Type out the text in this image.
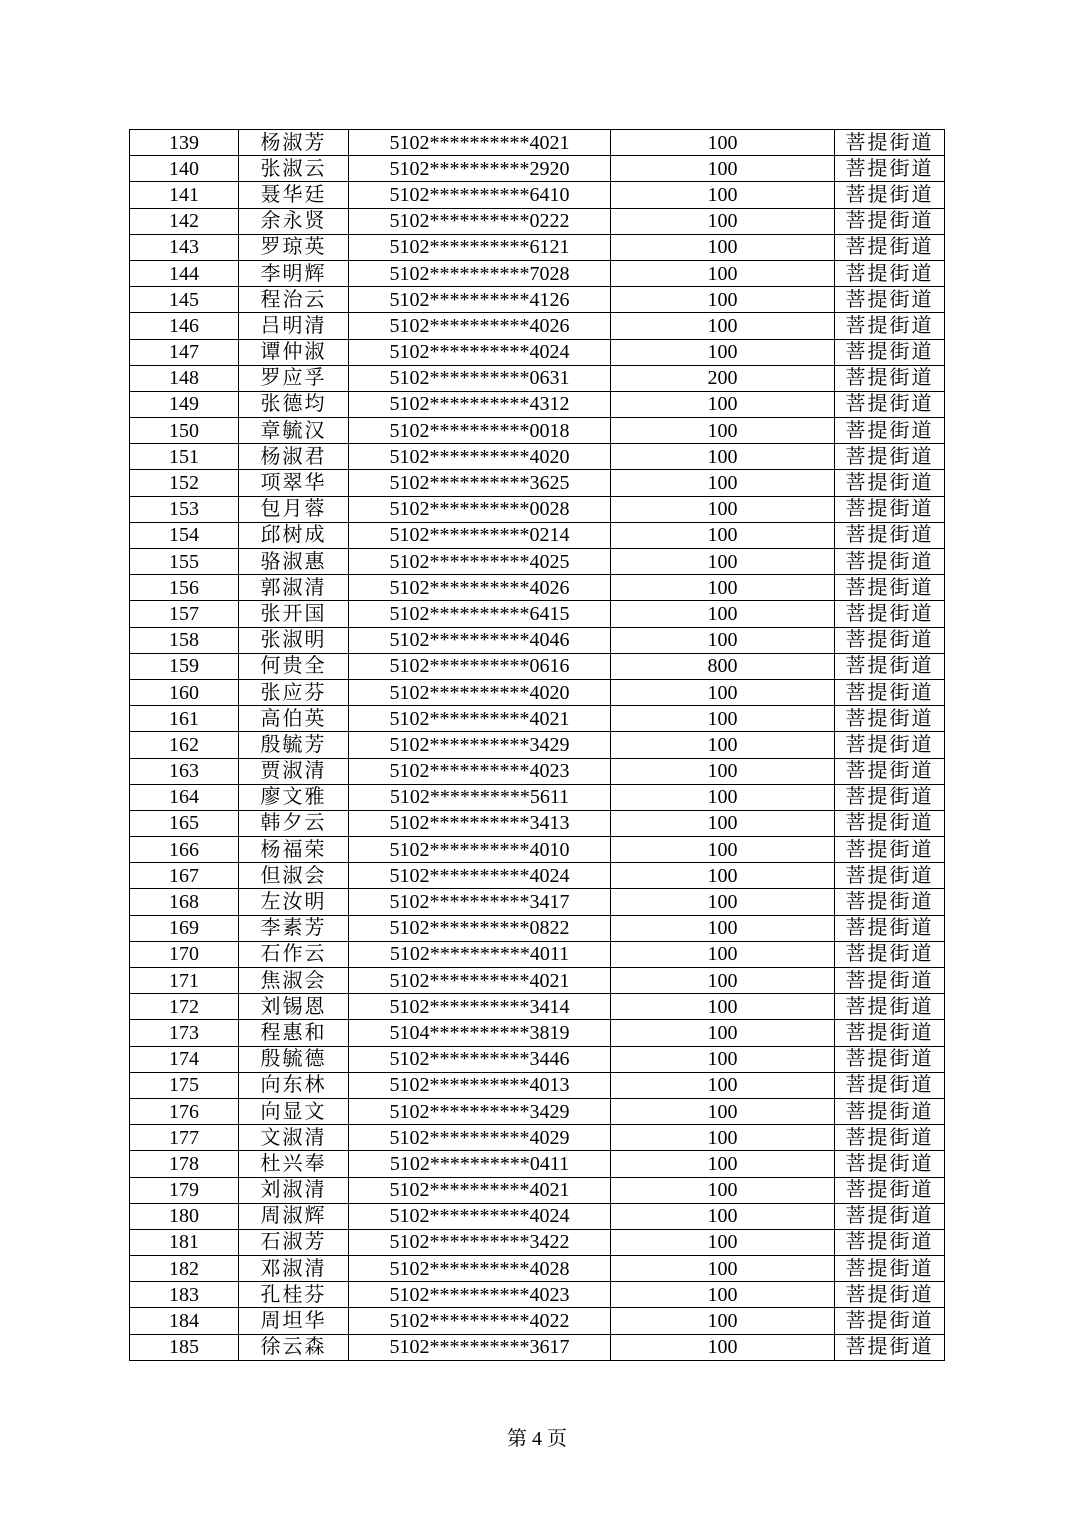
139	杨淑芳	5102**********4021	100	菩提街道
140	张淑云	5102**********2920	100	菩提街道
141	聂华廷	5102**********6410	100	菩提街道
142	余永贤	5102**********0222	100	菩提街道
143	罗琼英	5102**********6121	100	菩提街道
144	李明辉	5102**********7028	100	菩提街道
145	程治云	5102**********4126	100	菩提街道
146	吕明清	5102**********4026	100	菩提街道
147	谭仲淑	5102**********4024	100	菩提街道
148	罗应孚	5102**********0631	200	菩提街道
149	张德均	5102**********4312	100	菩提街道
150	章毓汉	5102**********0018	100	菩提街道
151	杨淑君	5102**********4020	100	菩提街道
152	项翠华	5102**********3625	100	菩提街道
153	包月蓉	5102**********0028	100	菩提街道
154	邱树成	5102**********0214	100	菩提街道
155	骆淑惠	5102**********4025	100	菩提街道
156	郭淑清	5102**********4026	100	菩提街道
157	张开国	5102**********6415	100	菩提街道
158	张淑明	5102**********4046	100	菩提街道
159	何贵全	5102**********0616	800	菩提街道
160	张应芬	5102**********4020	100	菩提街道
161	高伯英	5102**********4021	100	菩提街道
162	殷毓芳	5102**********3429	100	菩提街道
163	贾淑清	5102**********4023	100	菩提街道
164	廖文雅	5102**********5611	100	菩提街道
165	韩夕云	5102**********3413	100	菩提街道
166	杨福荣	5102**********4010	100	菩提街道
167	但淑会	5102**********4024	100	菩提街道
168	左汝明	5102**********3417	100	菩提街道
169	李素芳	5102**********0822	100	菩提街道
170	石作云	5102**********4011	100	菩提街道
171	焦淑会	5102**********4021	100	菩提街道
172	刘锡恩	5102**********3414	100	菩提街道
173	程惠和	5104**********3819	100	菩提街道
174	殷毓德	5102**********3446	100	菩提街道
175	向东林	5102**********4013	100	菩提街道
176	向显文	5102**********3429	100	菩提街道
177	文淑清	5102**********4029	100	菩提街道
178	杜兴奉	5102**********0411	100	菩提街道
179	刘淑清	5102**********4021	100	菩提街道
180	周淑辉	5102**********4024	100	菩提街道
181	石淑芳	5102**********3422	100	菩提街道
182	邓淑清	5102**********4028	100	菩提街道
183	孔桂芬	5102**********4023	100	菩提街道
184	周坦华	5102**********4022	100	菩提街道
185	徐云森	5102**********3617	100	菩提街道
第 4 页
